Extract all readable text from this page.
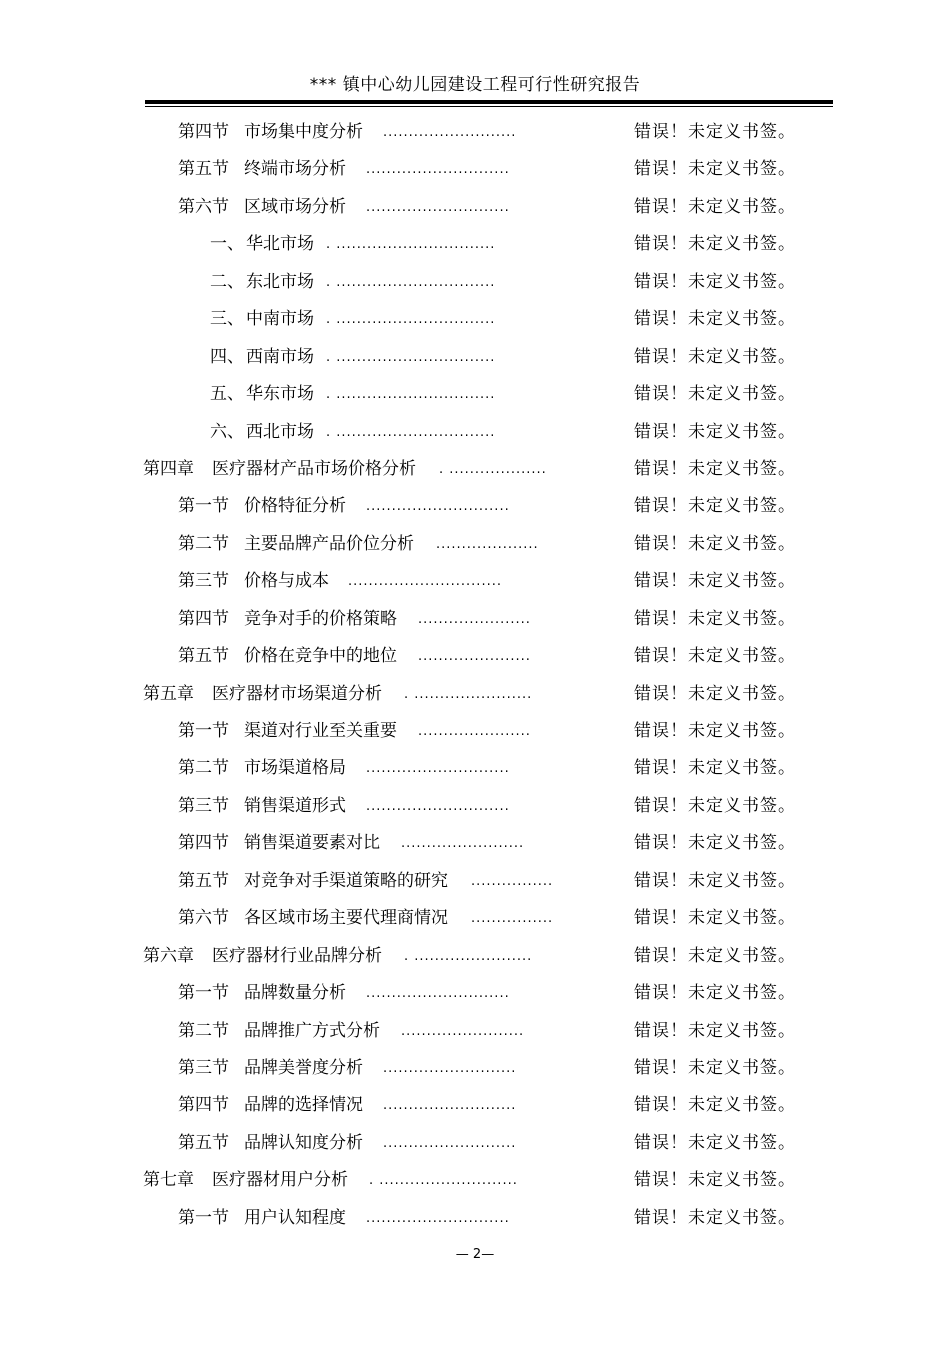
*** 镇中心幼儿园建设工程可行性研究报告
第四节 市场集中度分析 ..........................	错误！未定义书签。
第五节 终端市场分析 ............................	错误！未定义书签。
第六节 区域市场分析 ............................	错误！未定义书签。
一、 华北市场 . ...............................	错误！未定义书签。
二、 东北市场 . ...............................	错误！未定义书签。
三、 中南市场 . ...............................	错误！未定义书签。
四、 西南市场 . ...............................	错误！未定义书签。
五、 华东市场 . ...............................	错误！未定义书签。
六、 西北市场 . ...............................	错误！未定义书签。
第四章 医疗器材产品市场价格分析 . ...................	错误！未定义书签。
第一节 价格特征分析 ............................	错误！未定义书签。
第二节 主要品牌产品价位分析 ....................	错误！未定义书签。
第三节 价格与成本 ..............................	错误！未定义书签。
第四节 竞争对手的价格策略 ......................	错误！未定义书签。
第五节 价格在竞争中的地位 ......................	错误！未定义书签。
第五章 医疗器材市场渠道分析 . .......................	错误！未定义书签。
第一节 渠道对行业至关重要 ......................	错误！未定义书签。
第二节 市场渠道格局 ............................	错误！未定义书签。
第三节 销售渠道形式 ............................	错误！未定义书签。
第四节 销售渠道要素对比 ........................	错误！未定义书签。
第五节 对竞争对手渠道策略的研究 ................	错误！未定义书签。
第六节 各区域市场主要代理商情况 ................	错误！未定义书签。
第六章 医疗器材行业品牌分析 . .......................	错误！未定义书签。
第一节 品牌数量分析 ............................	错误！未定义书签。
第二节 品牌推广方式分析 ........................	错误！未定义书签。
第三节 品牌美誉度分析 ..........................	错误！未定义书签。
第四节 品牌的选择情况 ..........................	错误！未定义书签。
第五节 品牌认知度分析 ..........................	错误！未定义书签。
第七章 医疗器材用户分析 . ...........................	错误！未定义书签。
第一节 用户认知程度 ............................	错误！未定义书签。
— 2—
